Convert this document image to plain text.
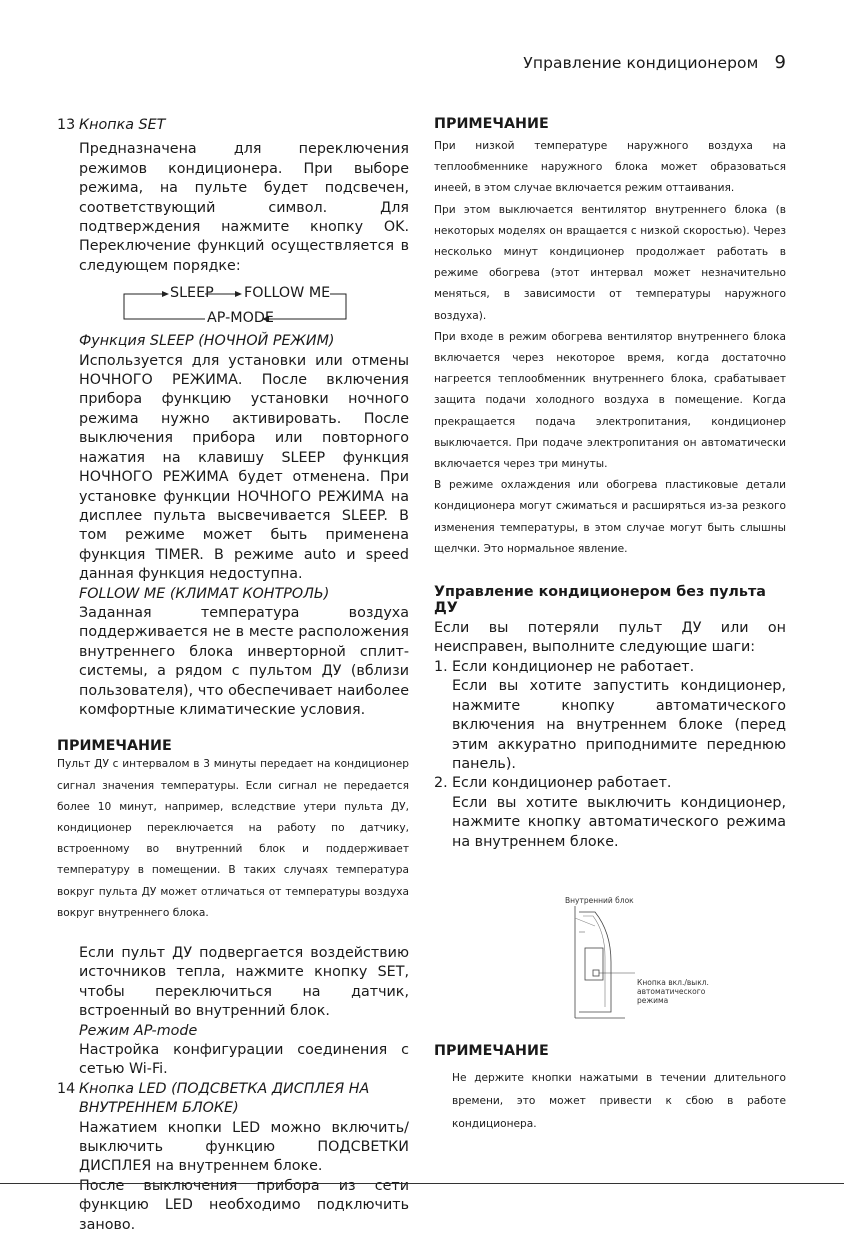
Управление кондиционером 9
13 Кнопка SET

Предназначена для переключения режимов кондиционера. При выборе режима, на пульте будет подсвечен, соответствующий символ. Для подтверждения нажмите кнопку OK. Переключение функций осуществляется в следующем порядке:

SLEEP FOLLOW ME
AP-MODE

Функция SLEEP (НОЧНОЙ РЕЖИМ)

Используется для установки или отмены НОЧНОГО РЕЖИМА. После включения прибора функцию установки ночного режима нужно активировать. После выключения прибора или повторного нажатия на клавишу SLEEP функция НОЧНОГО РЕЖИМА будет отменена. При установке функции НОЧНОГО РЕЖИМА на дисплее пульта высвечивается SLEEP. В том режиме может быть применена функция TIMER. В режиме auto и speed данная функция недоступна.

FOLLOW ME (КЛИМАТ КОНТРОЛЬ)

Заданная температура воздуха поддерживается не в месте расположения внутреннего блока инверторной сплит-системы, а рядом с пультом ДУ (вблизи пользователя), что обеспечивает наиболее комфортные климатические условия.

ПРИМЕЧАНИЕ

Пульт ДУ с интервалом в 3 минуты передает на кондиционер сигнал значения температуры. Если сигнал не передается более 10 минут, например, вследствие утери пульта ДУ, кондиционер переключается на работу по датчику, встроенному во внутренний блок и поддерживает температуру в помещении. В таких случаях температура вокруг пульта ДУ может отличаться от температуры воздуха вокруг внутреннего блока.

Если пульт ДУ подвергается воздействию источников тепла, нажмите кнопку SET, чтобы переключиться на датчик, встроенный во внутренний блок.

Режим AP-mode

Настройка конфигурации соединения с сетью Wi-Fi.

14 Кнопка LED (ПОДСВЕТКА ДИСПЛЕЯ НА ВНУТРЕННЕМ БЛОКЕ)

Нажатием кнопки LED можно включить/выключить функцию ПОДСВЕТКИ ДИСПЛЕЯ на внутреннем блоке.

После выключения прибора из сети функцию LED необходимо подключить заново.

ПРИМЕЧАНИЕ

При низкой температуре наружного воздуха на теплообменнике наружного блока может образоваться инеей, в этом случае включается режим оттаивания.

При этом выключается вентилятор внутреннего блока (в некоторых моделях он вращается с низкой скоростью). Через несколько минут кондиционер продолжает работать в режиме обогрева (этот интервал может незначительно меняться, в зависимости от температуры наружного воздуха).

При входе в режим обогрева вентилятор внутреннего блока включается через некоторое время, когда достаточно нагреется теплообменник внутреннего блока, срабатывает защита подачи холодного воздуха в помещение. Когда прекращается подача электропитания, кондиционер выключается. При подаче электропитания он автоматически включается через три минуты.

В режиме охлаждения или обогрева пластиковые детали кондиционера могут сжиматься и расширяться из-за резкого изменения температуры, в этом случае могут быть слышны щелчки. Это нормальное явление.

Управление кондиционером без пульта ДУ

Если вы потеряли пульт ДУ или он неисправен, выполните следующие шаги:

1. Если кондиционер не работает.

Если вы хотите запустить кондиционер, нажмите кнопку автоматического включения на внутреннем блоке (перед этим аккуратно приподнимите переднюю панель).

2. Если кондиционер работает.

Если вы хотите выключить кондиционер, нажмите кнопку автоматического режима на внутреннем блоке.

Внутренний блок
Кнопка вкл./выкл. автоматического режима

ПРИМЕЧАНИЕ

Не держите кнопки нажатыми в течении длительного времени, это может привести к сбою в работе кондиционера.
